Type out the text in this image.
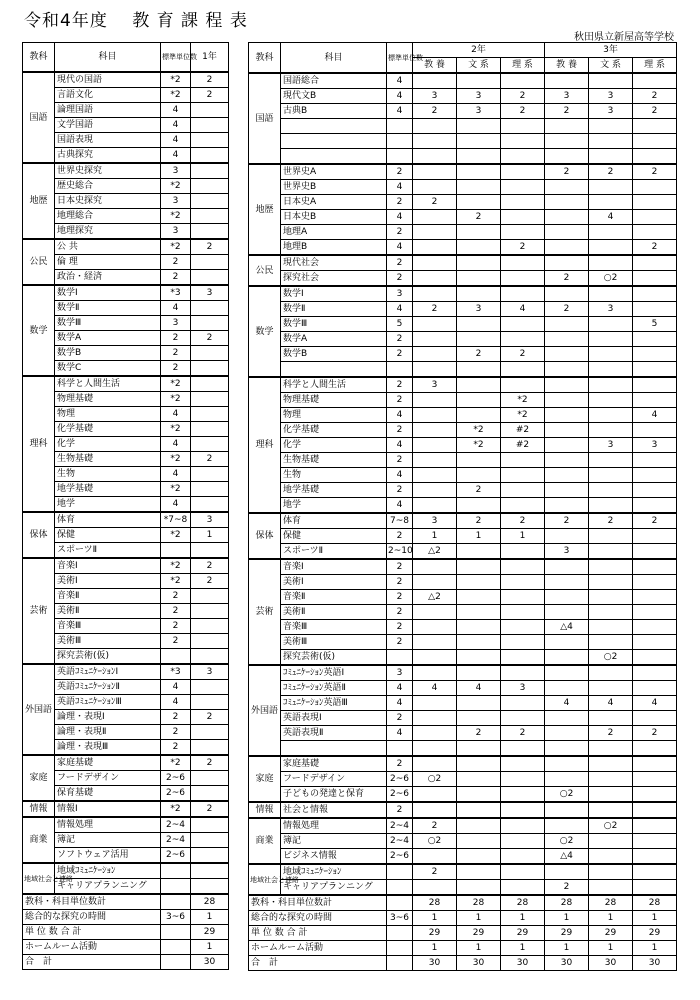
令和4年度　 教 育 課 程 表
秋田県立新屋高等学校
教科	科目	標準単位数	1年
国語	現代の国語	*2	2
	言語文化	*2	2
	論理国語	4	
	文学国語	4	
	国語表現	4	
	古典探究	4	
地歴	世界史探究	3	
	歴史総合	*2	
	日本史探究	3	
	地理総合	*2	
	地理探究	3	
公民	公 共	*2	2
	倫 理	2	
	政治・経済	2	
数学	数学Ⅰ	*3	3
	数学Ⅱ	4	
	数学Ⅲ	3	
	数学A	2	2
	数学B	2	
	数学C	2	
理科	科学と人間生活	*2	
	物理基礎	*2	
	物理	4	
	化学基礎	*2	
	化学	4	
	生物基礎	*2	2
	生物	4	
	地学基礎	*2	
	地学	4	
保体	体育	*7~8	3
	保健	*2	1
	スポーツⅡ		
芸術	音楽Ⅰ	*2	2
	美術Ⅰ	*2	2
	音楽Ⅱ	2	
	美術Ⅱ	2	
	音楽Ⅲ	2	
	美術Ⅲ	2	
	探究芸術(仮)		
外国語	英語ｺﾐｭﾆｹｰｼｮﾝⅠ	*3	3
	英語ｺﾐｭﾆｹｰｼｮﾝⅡ	4	
	英語ｺﾐｭﾆｹｰｼｮﾝⅢ	4	
	論理・表現Ⅰ	2	2
	論理・表現Ⅱ	2	
	論理・表現Ⅲ	2	
家庭	家庭基礎	*2	2
	フードデザイン	2~6	
	保育基礎	2~6	
情報	情報Ⅰ	*2	2
商業	情報処理	2~4	
	簿記	2~4	
	ソフトウェア活用	2~6	
地域社会と連絡	地域ｺﾐｭﾆｹｰｼｮﾝ		
	キャリアプランニング		
教科・科目単位数計			28
総合的な探究の時間		3~6	1
単 位 数 合 計			29
ホームルーム活動			1
合　計			30
教科	科目	標準単位数	2年			3年		
			教 養	文 系	理 系	教 養	文 系	理 系
国語	国語総合	4						
	現代文B	4	3	3	2	3	3	2
	古典B	4	2	3	2	2	3	2

地歴	世界史A	2				2	2	2
	世界史B	4						
	日本史A	2	2					
	日本史B	4		2			4	
	地理A	2						
	地理B	4			2			2
公民	現代社会	2						
	探究社会	2				2	○2	
数学	数学Ⅰ	3						
	数学Ⅱ	4	2	3	4	2	3	
	数学Ⅲ	5						5
	数学A	2						
	数学B	2		2	2			

理科	科学と人間生活	2	3					
	物理基礎	2			*2			
	物理	4			*2			4
	化学基礎	2		*2	#2			
	化学	4		*2	#2		3	3
	生物基礎	2						
	生物	4						
	地学基礎	2		2				
	地学	4						
保体	体育	7~8	3	2	2	2	2	2
	保健	2	1	1	1			
	スポーツⅡ	2~10	△2			3		
芸術	音楽Ⅰ	2						
	美術Ⅰ	2						
	音楽Ⅱ	2	△2					
	美術Ⅱ	2						
	音楽Ⅲ	2				△4		
	美術Ⅲ	2						
	探究芸術(仮)						○2	
外国語	ｺﾐｭﾆｹｰｼｮﾝ英語Ⅰ	3						
	ｺﾐｭﾆｹｰｼｮﾝ英語Ⅱ	4	4	4	3			
	ｺﾐｭﾆｹｰｼｮﾝ英語Ⅲ	4				4	4	4
	英語表現Ⅰ	2						
	英語表現Ⅱ	4		2	2		2	2

家庭	家庭基礎	2						
	フードデザイン	2~6	○2					
	子どもの発達と保育	2~6				○2		
情報	社会と情報	2						
商業	情報処理	2~4	2				○2	
	簿記	2~4	○2			○2		
	ビジネス情報	2~6				△4		
地域社会と連絡	地域ｺﾐｭﾆｹｰｼｮﾝ		2					
	キャリアプランニング					2		
教科・科目単位数計			28	28	28	28	28	28
総合的な探究の時間		3~6	1	1	1	1	1	1
単 位 数 合 計			29	29	29	29	29	29
ホームルーム活動			1	1	1	1	1	1
合　計			30	30	30	30	30	30
